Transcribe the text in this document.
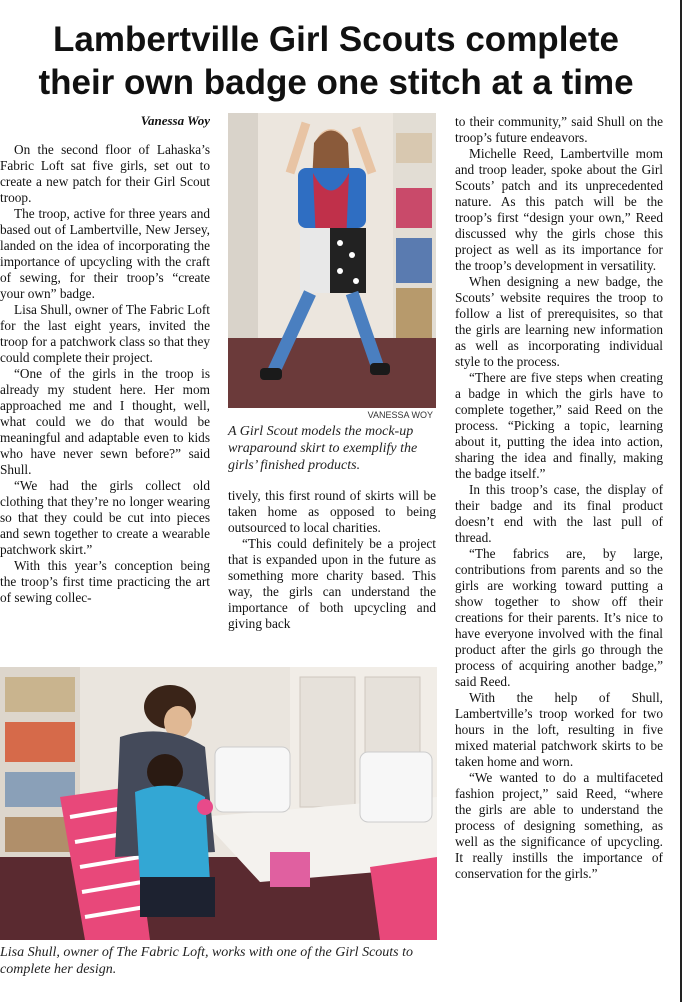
Lambertville Girl Scouts complete
their own badge one stitch at a time
Vanessa Woy

On the second floor of Lahaska’s Fabric Loft sat five girls, set out to create a new patch for their Girl Scout troop.

The troop, active for three years and based out of Lambertville, New Jersey, landed on the idea of incorporating the importance of upcycling with the craft of sewing, for their troop’s “create your own” badge.

Lisa Shull, owner of The Fabric Loft for the last eight years, invited the troop for a patchwork class so that they could complete their project.

“One of the girls in the troop is already my student here. Her mom approached me and I thought, well, what could we do that would be meaningful and adaptable even to kids who have never sewn before?” said Shull.

“We had the girls collect old clothing that they’re no longer wearing so that they could be cut into pieces and sewn together to create a wearable patchwork skirt.”

With this year’s conception being the troop’s first time practicing the art of sewing collec-

VANESSA WOY
A Girl Scout models the mock-up wraparound skirt to exemplify the girls’ finished products.

tively, this first round of skirts will be taken home as opposed to being outsourced to local charities.

“This could definitely be a project that is expanded upon in the future as something more charity based. This way, the girls can understand the importance of both upcycling and giving back

to their community,” said Shull on the troop’s future endeavors.

Michelle Reed, Lambertville mom and troop leader, spoke about the Girl Scouts’ patch and its unprecedented nature. As this patch will be the troop’s first “design your own,” Reed discussed why the girls chose this project as well as its importance for the troop’s development in versatility.

When designing a new badge, the Scouts’ website requires the troop to follow a list of prerequisites, so that the girls are learning new information as well as incorporating individual style to the process.

“There are five steps when creating a badge in which the girls have to complete together,” said Reed on the process. “Picking a topic, learning about it, putting the idea into action, sharing the idea and finally, making the badge itself.”

In this troop’s case, the display of their badge and its final product doesn’t end with the last pull of thread.

“The fabrics are, by large, contributions from parents and so the girls are working toward putting a show together to show off their creations for their parents. It’s nice to have everyone involved with the final product after the girls go through the process of acquiring another badge,” said Reed.

With the help of Shull, Lambertville’s troop worked for two hours in the loft, resulting in five mixed material patchwork skirts to be taken home and worn.

“We wanted to do a multifaceted fashion project,” said Reed, “where the girls are able to understand the process of designing something, as well as the significance of upcycling. It really instills the importance of conservation for the girls.”

Lisa Shull, owner of The Fabric Loft, works with one of the Girl Scouts to complete her design.
